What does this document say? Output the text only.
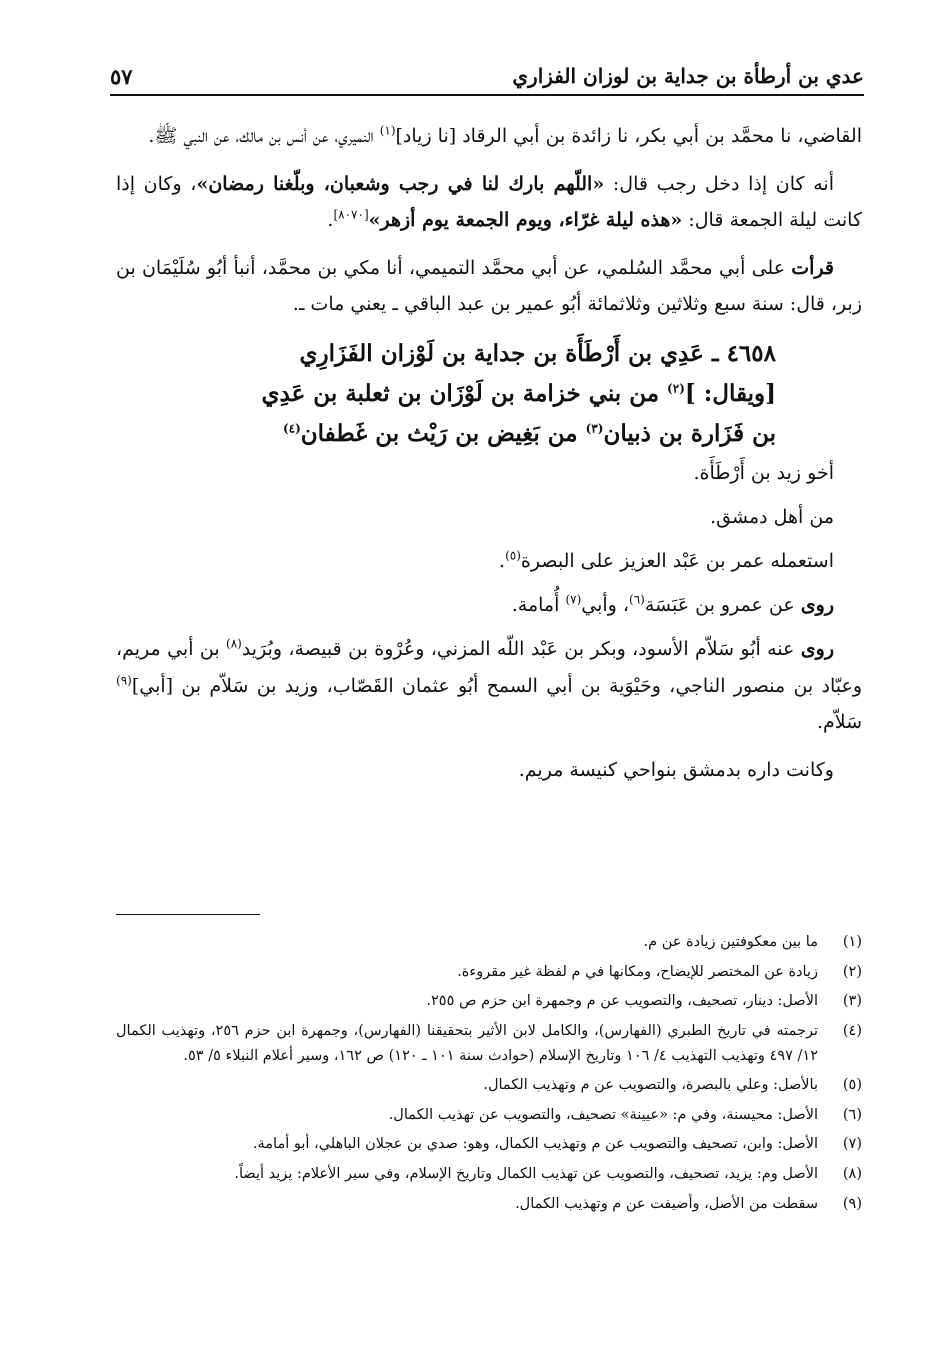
عدي بن أرطأة بن جداية بن لوزان الفزاري
٥٧

القاضي، نا محمَّد بن أبي بكر، نا زائدة بن أبي الرقاد [نا زياد]$^{(١)}$ النميري، عن أنس بن مالك، عن النبي ﷺ.

أنه كان إذا دخل رجب قال: «اللّهم بارك لنا في رجب وشعبان، وبلّغنا رمضان»، وكان إذا كانت ليلة الجمعة قال: «هذه ليلة غرّاء، ويوم الجمعة يوم أزهر»[٨٠٧٠].

قرأت على أبي محمَّد السُلمي، عن أبي محمَّد التميمي، أنا مكي بن محمَّد، أنبأ أبُو سُلَيْمَان بن زبر، قال: سنة سبع وثلاثين وثلاثمائة أبُو عمير بن عبد الباقي ـ يعني مات ـ.

٤٦٥٨ ـ عَدِي بن أَرْطَأَة بن جداية بن لَوْزان الفَزَارِي
[ويقال: ]$^{(٢)}$ من بني خزامة بن لَوْزَان بن ثعلبة بن عَدِي
بن فَزَارة بن ذبيان$^{(٣)}$ من بَغِيض بن رَيْث بن غَطفان$^{(٤)}$

أخو زيد بن أَرْطَأَة.

من أهل دمشق.

استعمله عمر بن عَبْد العزيز على البصرة$^{(٥)}$.

روى عن عمرو بن عَبَسَة$^{(٦)}$، وأبي$^{(٧)}$ أُمامة.

روى عنه أبُو سَلاّم الأسود، وبكر بن عَبْد اللّه المزني، وعُرْوة بن قبيصة، وبُرَيد$^{(٨)}$ بن أبي مريم، وعبّاد بن منصور الناجي، وحَيْوَية بن أبي السمح أبُو عثمان القَصّاب، وزيد بن سَلاّم بن [أبي]$^{(٩)}$ سَلاّم.

وكانت داره بدمشق بنواحي كنيسة مريم.

(١)
ما بين معكوفتين زيادة عن م.
(٢)
زيادة عن المختصر للإيضاح، ومكانها في م لفظة غير مقروءة.
(٣)
الأصل: دينار، تصحيف، والتصويب عن م وجمهرة ابن حزم ص ٢٥٥.
(٤)
ترجمته في تاريخ الطبري (الفهارس)، والكامل لابن الأثير بتحقيقنا (الفهارس)، وجمهرة ابن حزم ٢٥٦، وتهذيب الكمال ١٢/ ٤٩٧ وتهذيب التهذيب ٤/ ١٠٦ وتاريخ الإسلام (حوادث سنة ١٠١ ـ ١٢٠) ص ١٦٢، وسير أعلام النبلاء ٥/ ٥٣.
(٥)
بالأصل: وعلي بالبصرة، والتصويب عن م وتهذيب الكمال.
(٦)
الأصل: محيسنة، وفي م: «عيينة» تصحيف، والتصويب عن تهذيب الكمال.
(٧)
الأصل: وابن، تصحيف والتصويب عن م وتهذيب الكمال، وهو: صدي بن عجلان الباهلي، أبو أمامة.
(٨)
الأصل وم: يزيد، تصحيف، والتصويب عن تهذيب الكمال وتاريخ الإسلام، وفي سير الأعلام: يزيد أيضاً.
(٩)
سقطت من الأصل، وأضيفت عن م وتهذيب الكمال.
